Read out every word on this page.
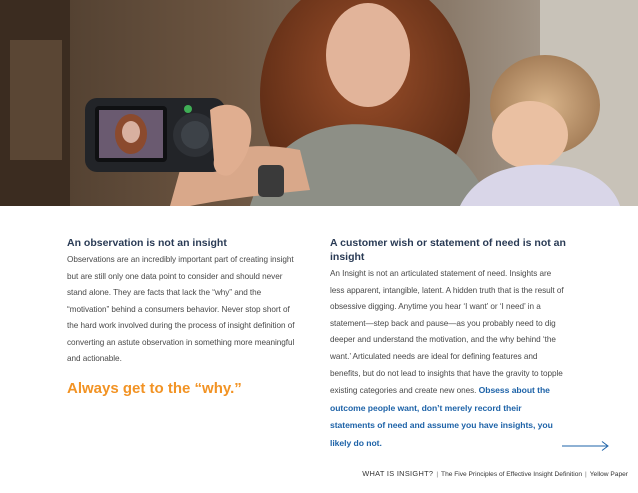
An observation is not an insight

Observations are an incredibly important part of creating insight but are still only one data point to consider and should never stand alone. They are facts that lack the “why” and the “motivation” behind a consumers behavior. Never stop short of the hard work involved during the process of insight definition of converting an astute observation in something more meaningful and actionable.

Always get to the “why.”
A customer wish or statement of need is not an insight

An Insight is not an articulated statement of need. Insights are less apparent, intangible, latent. A hidden truth that is the result of obsessive digging. Anytime you hear ‘I want’ or ‘I need’ in a statement—step back and pause—as you probably need to dig deeper and understand the motivation, and the why behind ‘the want.’ Articulated needs are ideal for defining features and benefits, but do not lead to insights that have the gravity to topple existing categories and create new ones. Obsess about the outcome people want, don’t merely record their statements of need and assume you have insights, you likely do not.

WHAT IS INSIGHT? | The Five Principles of Effective Insight Definition | Yellow Paper
